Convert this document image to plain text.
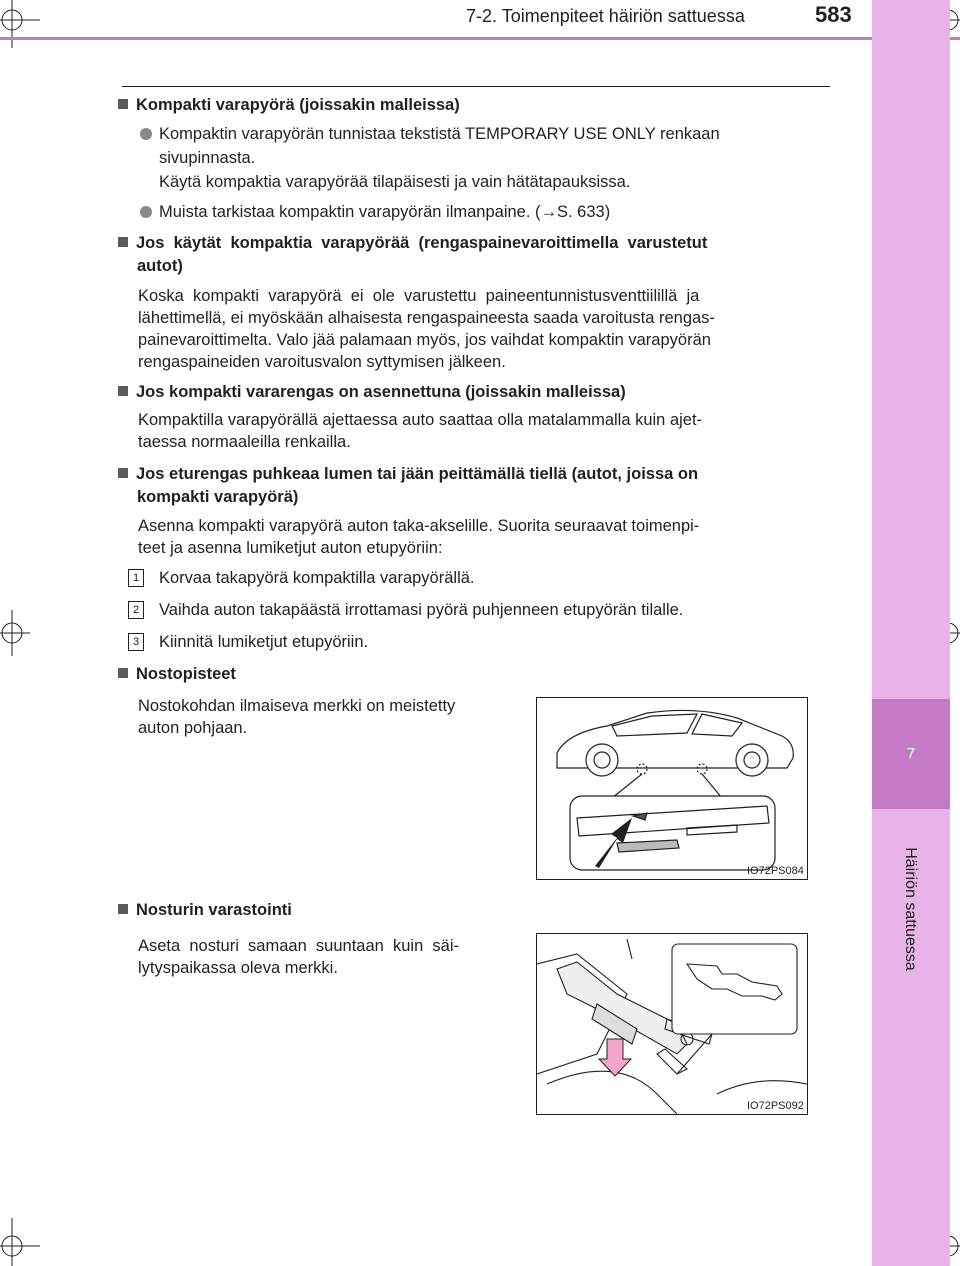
7
Häiriön sattuessa
7-2. Toimenpiteet häiriön sattuessa	583
Kompakti varapyörä (joissakin malleissa)
Kompaktin varapyörän tunnistaa tekstistä TEMPORARY USE ONLY renkaan
sivupinnasta.
Käytä kompaktia varapyörää tilapäisesti ja vain hätätapauksissa.
Muista tarkistaa kompaktin varapyörän ilmanpaine. (→S. 633)
Jos  käytät  kompaktia  varapyörää  (rengaspainevaroittimella  varustetut
autot)
Koska  kompakti  varapyörä  ei  ole  varustettu  paineentunnistusventtiilillä  ja
lähettimellä, ei myöskään alhaisesta rengaspaineesta saada varoitusta rengas-
painevaroittimelta. Valo jää palamaan myös, jos vaihdat kompaktin varapyörän
rengaspaineiden varoitusvalon syttymisen jälkeen.
Jos kompakti vararengas on asennettuna (joissakin malleissa)
Kompaktilla varapyörällä ajettaessa auto saattaa olla matalammalla kuin ajet-
taessa normaaleilla renkailla.
Jos eturengas puhkeaa lumen tai jään peittämällä tiellä (autot, joissa on
kompakti varapyörä)
Asenna kompakti varapyörä auton taka-akselille. Suorita seuraavat toimenpi-
teet ja asenna lumiketjut auton etupyöriin:
1 Korvaa takapyörä kompaktilla varapyörällä.
2 Vaihda auton takapäästä irrottamasi pyörä puhjenneen etupyörän tilalle.
3 Kiinnitä lumiketjut etupyöriin.
Nostopisteet
Nostokohdan ilmaiseva merkki on meistetty
auton pohjaan.
IO72PS084
Nosturin varastointi
Aseta  nosturi  samaan  suuntaan  kuin  säi-
lytyspaikassa oleva merkki.
IO72PS092
